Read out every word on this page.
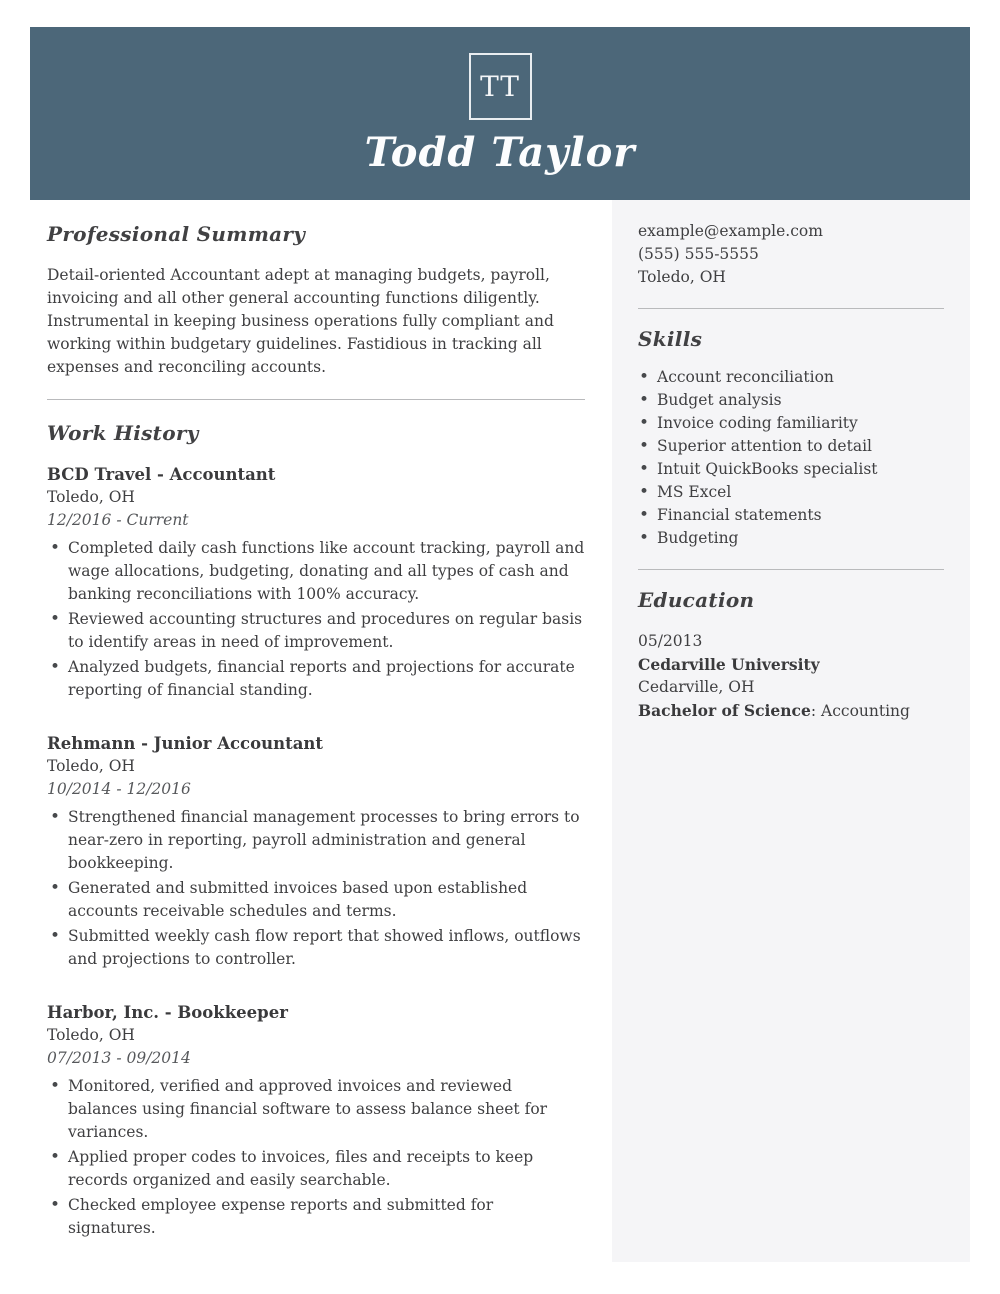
TT
Todd Taylor
Professional Summary
Detail-oriented Accountant adept at managing budgets, payroll, invoicing and all other general accounting functions diligently. Instrumental in keeping business operations fully compliant and working within budgetary guidelines. Fastidious in tracking all expenses and reconciling accounts.
Work History
BCD Travel - Accountant
Toledo, OH
12/2016 - Current
• Completed daily cash functions like account tracking, payroll and wage allocations, budgeting, donating and all types of cash and banking reconciliations with 100% accuracy.
• Reviewed accounting structures and procedures on regular basis to identify areas in need of improvement.
• Analyzed budgets, financial reports and projections for accurate reporting of financial standing.
Rehmann - Junior Accountant
Toledo, OH
10/2014 - 12/2016
• Strengthened financial management processes to bring errors to near-zero in reporting, payroll administration and general bookkeeping.
• Generated and submitted invoices based upon established accounts receivable schedules and terms.
• Submitted weekly cash flow report that showed inflows, outflows and projections to controller.
Harbor, Inc. - Bookkeeper
Toledo, OH
07/2013 - 09/2014
• Monitored, verified and approved invoices and reviewed balances using financial software to assess balance sheet for variances.
• Applied proper codes to invoices, files and receipts to keep records organized and easily searchable.
• Checked employee expense reports and submitted for signatures.
example@example.com
(555) 555-5555
Toledo, OH
Skills
• Account reconciliation
• Budget analysis
• Invoice coding familiarity
• Superior attention to detail
• Intuit QuickBooks specialist
• MS Excel
• Financial statements
• Budgeting
Education
05/2013
Cedarville University
Cedarville, OH
Bachelor of Science: Accounting
